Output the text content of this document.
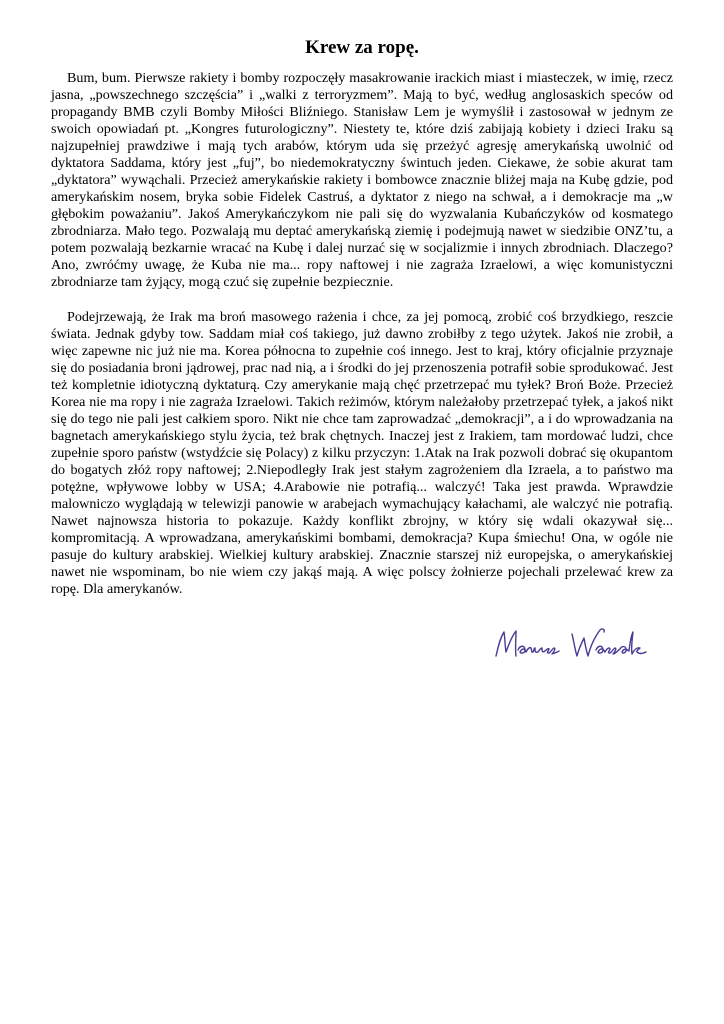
Krew za ropę.

Bum, bum. Pierwsze rakiety i bomby rozpoczęły masakrowanie irackich miast i miasteczek, w imię, rzecz jasna, „powszechnego szczęścia” i „walki z terroryzmem”. Mają to być, według anglosaskich speców od propagandy BMB czyli Bomby Miłości Bliźniego. Stanisław Lem je wymyślił i zastosował w jednym ze swoich opowiadań pt. „Kongres futurologiczny”. Niestety te, które dziś zabijają kobiety i dzieci Iraku są najzupełniej prawdziwe i mają tych arabów, którym uda się przeżyć agresję amerykańską uwolnić od dyktatora Saddama, który jest „fuj”, bo niedemokratyczny świntuch jeden. Ciekawe, że sobie akurat tam „dyktatora” wywąchali. Przecież amerykańskie rakiety i bombowce znacznie bliżej maja na Kubę gdzie, pod amerykańskim nosem, bryka sobie Fidelek Castruś, a dyktator z niego na schwał, a i demokracje ma „w głębokim poważaniu”. Jakoś Amerykańczykom nie pali się do wyzwalania Kubańczyków od kosmatego zbrodniarza. Mało tego. Pozwalają mu deptać amerykańską ziemię i podejmują nawet w siedzibie ONZ’tu, a potem pozwalają bezkarnie wracać na Kubę i dalej nurzać się w socjalizmie i innych zbrodniach. Dlaczego? Ano, zwróćmy uwagę, że Kuba nie ma... ropy naftowej i nie zagraża Izraelowi, a więc komunistyczni zbrodniarze tam żyjący, mogą czuć się zupełnie bezpiecznie.

Podejrzewają, że Irak ma broń masowego rażenia i chce, za jej pomocą, zrobić coś brzydkiego, reszcie świata. Jednak gdyby tow. Saddam miał coś takiego, już dawno zrobiłby z tego użytek. Jakoś nie zrobił, a więc zapewne nic już nie ma. Korea północna to zupełnie coś innego. Jest to kraj, który oficjalnie przyznaje się do posiadania broni jądrowej, prac nad nią, a i środki do jej przenoszenia potrafił sobie sprodukować. Jest też kompletnie idiotyczną dyktaturą. Czy amerykanie mają chęć przetrzepać mu tyłek? Broń Boże. Przecież Korea nie ma ropy i nie zagraża Izraelowi. Takich reżimów, którym należałoby przetrzepać tyłek, a jakoś nikt się do tego nie pali jest całkiem sporo. Nikt nie chce tam zaprowadzać „demokracji”, a i do wprowadzania na bagnetach amerykańskiego stylu życia, też brak chętnych. Inaczej jest z Irakiem, tam mordować ludzi, chce zupełnie sporo państw (wstydźcie się Polacy) z kilku przyczyn: 1.Atak na Irak pozwoli dobrać się okupantom do bogatych złóż ropy naftowej; 2.Niepodległy Irak jest stałym zagrożeniem dla Izraela, a to państwo ma potężne, wpływowe lobby w USA; 4.Arabowie nie potrafią... walczyć! Taka jest prawda. Wprawdzie malowniczo wyglądają w telewizji panowie w arabejach wymachujący kałachami, ale walczyć nie potrafią. Nawet najnowsza historia to pokazuje. Każdy konflikt zbrojny, w który się wdali okazywał się... kompromitacją. A wprowadzana, amerykańskimi bombami, demokracja? Kupa śmiechu! Ona, w ogóle nie pasuje do kultury arabskiej. Wielkiej kultury arabskiej. Znacznie starszej niż europejska, o amerykańskiej nawet nie wspominam, bo nie wiem czy jakąś mają. A więc polscy żołnierze pojechali przelewać krew za ropę. Dla amerykanów.
